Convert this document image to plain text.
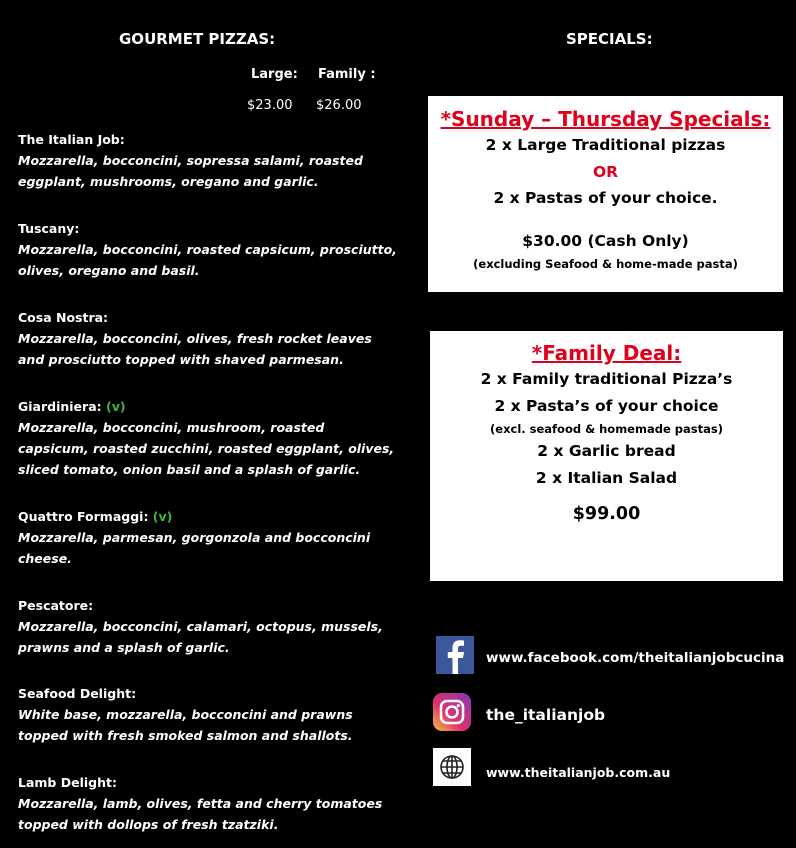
GOURMET PIZZAS:
Large: Family :
$23.00 $26.00
The Italian Job:
Mozzarella, bocconcini, sopressa salami, roasted eggplant, mushrooms, oregano and garlic.
Tuscany:
Mozzarella, bocconcini, roasted capsicum, prosciutto, olives, oregano and basil.
Cosa Nostra:
Mozzarella, bocconcini, olives, fresh rocket leaves and prosciutto topped with shaved parmesan.
Giardiniera: (v)
Mozzarella, bocconcini, mushroom, roasted capsicum, roasted zucchini, roasted eggplant, olives, sliced tomato, onion basil and a splash of garlic.
Quattro Formaggi: (v)
Mozzarella, parmesan, gorgonzola and bocconcini cheese.
Pescatore:
Mozzarella, bocconcini, calamari, octopus, mussels, prawns and a splash of garlic.
Seafood Delight:
White base, mozzarella, bocconcini and prawns topped with fresh smoked salmon and shallots.
Lamb Delight:
Mozzarella, lamb, olives, fetta and cherry tomatoes topped with dollops of fresh tzatziki.
SPECIALS:
*Sunday – Thursday Specials:
2 x Large Traditional pizzas
OR
2 x Pastas of your choice.
$30.00 (Cash Only)
(excluding Seafood & home-made pasta)
*Family Deal:
2 x Family traditional Pizza’s
2 x Pasta’s of your choice
(excl. seafood & homemade pastas)
2 x Garlic bread
2 x Italian Salad
$99.00
www.facebook.com/theitalianjobcucina
the_italianjob
www.theitalianjob.com.au
